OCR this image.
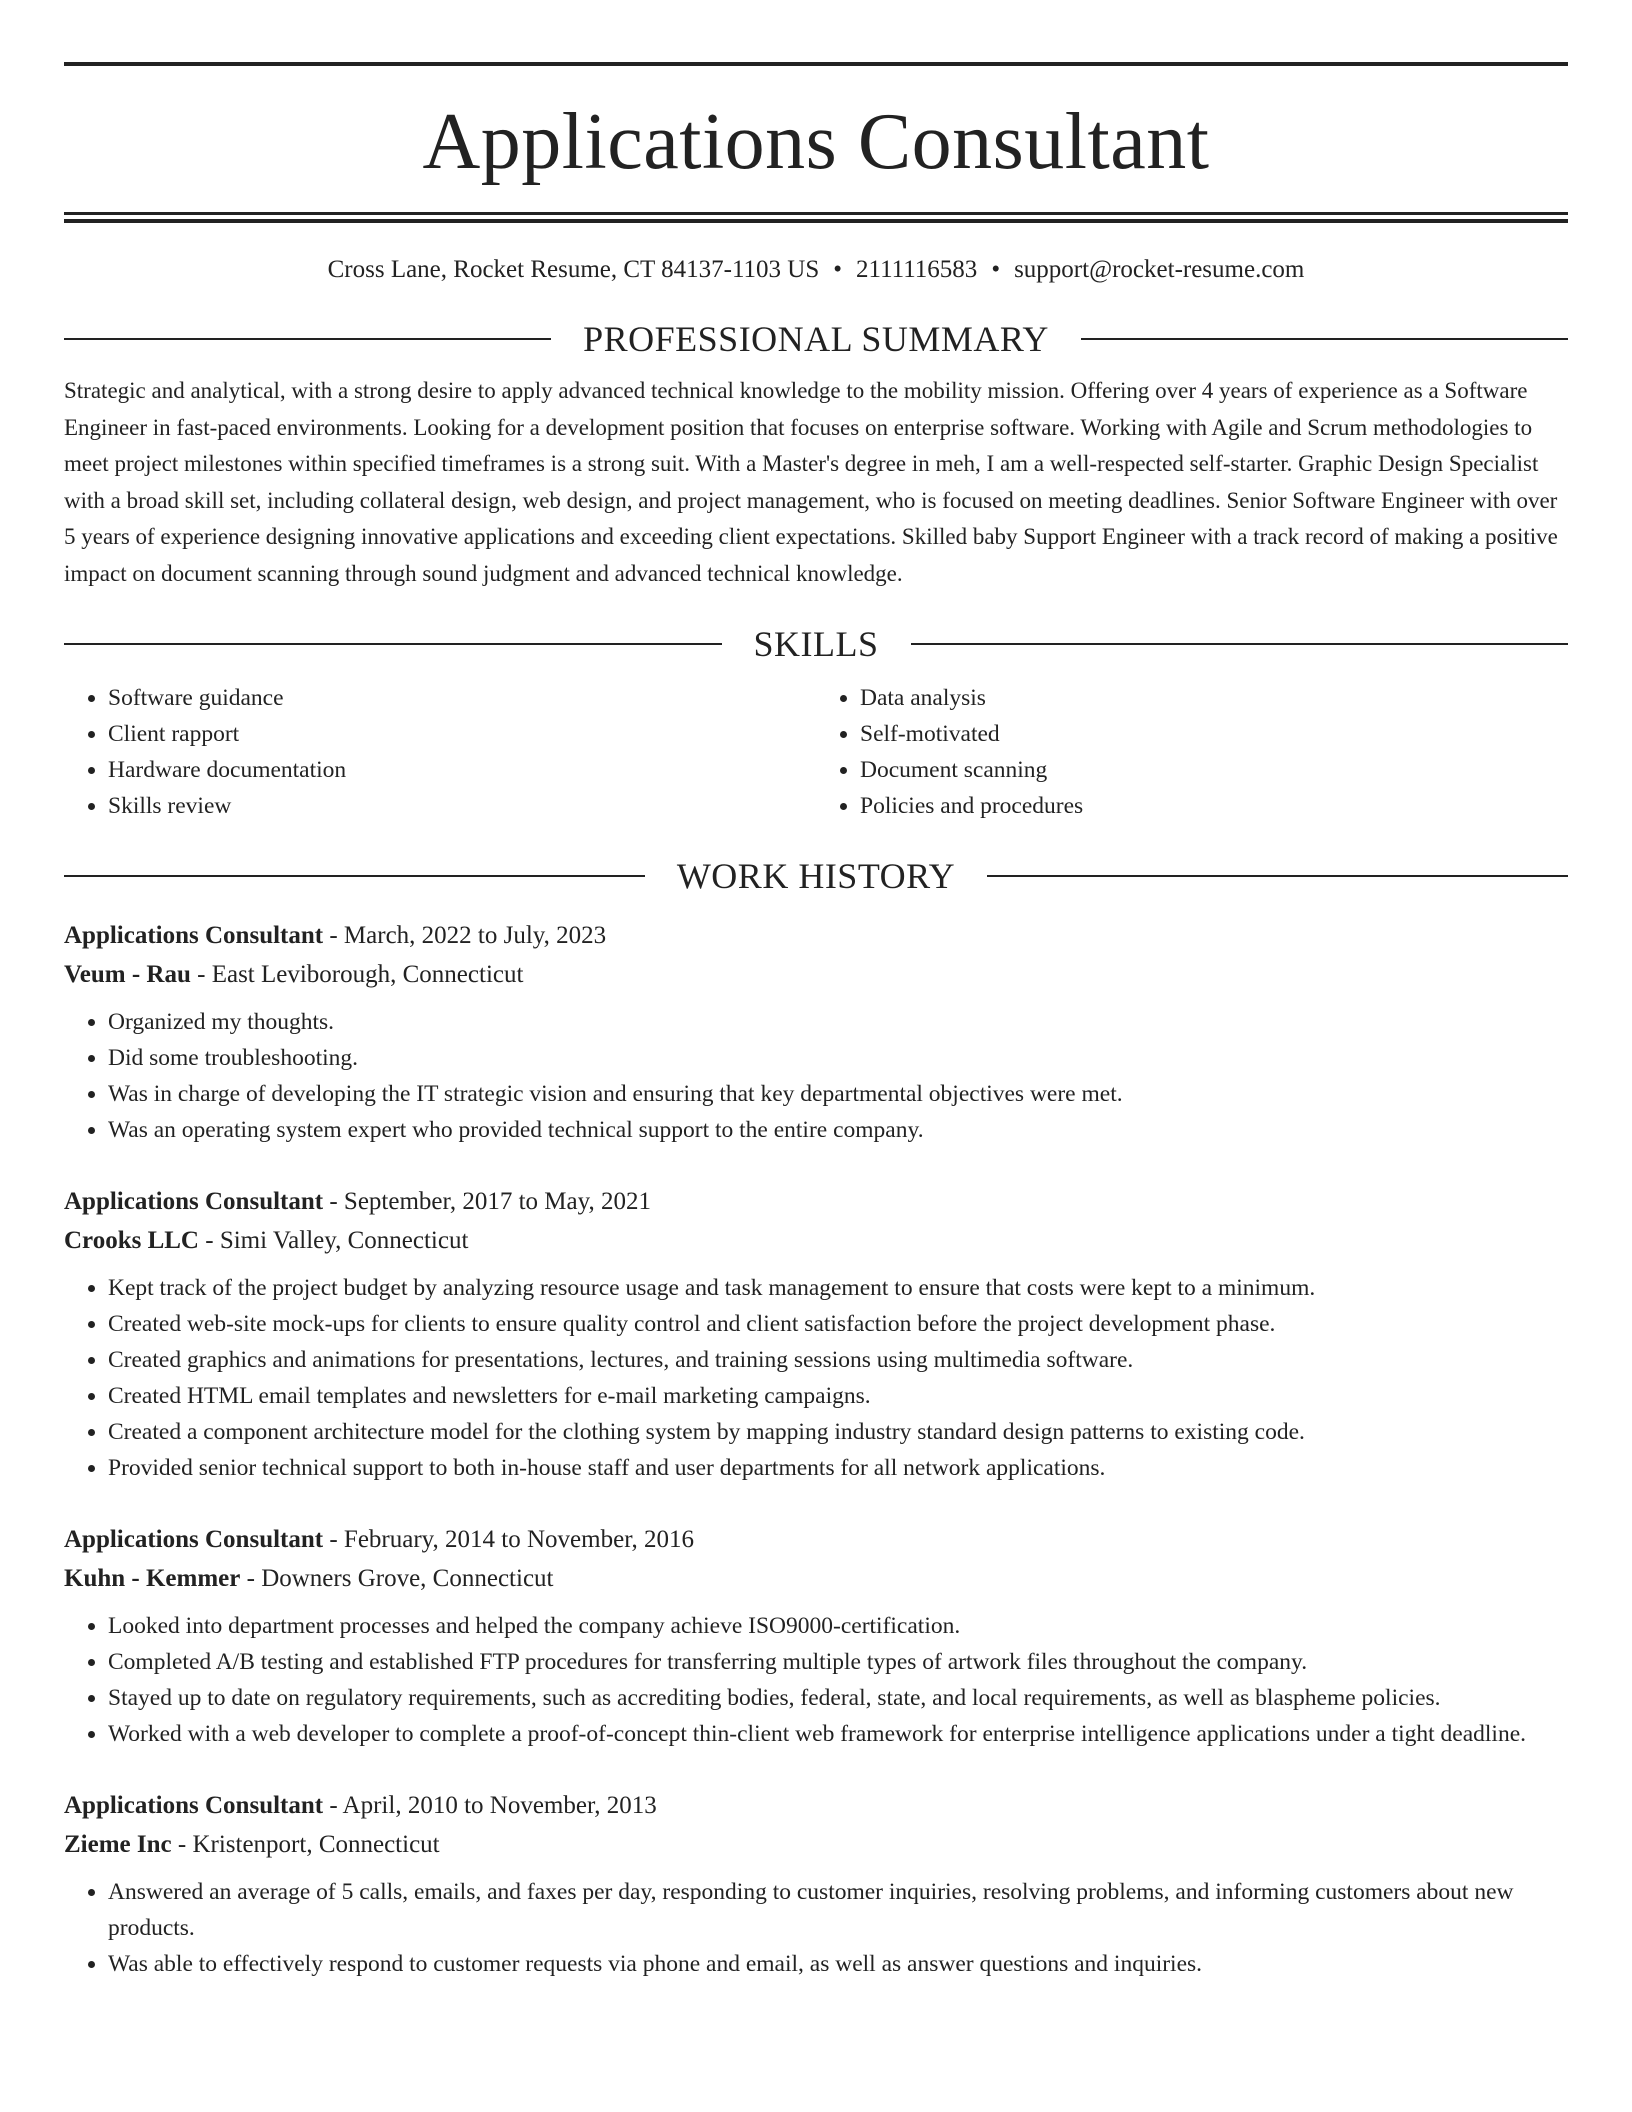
Applications Consultant
Cross Lane, Rocket Resume, CT 84137-1103 US • 2111116583 • support@rocket-resume.com
PROFESSIONAL SUMMARY
Strategic and analytical, with a strong desire to apply advanced technical knowledge to the mobility mission. Offering over 4 years of experience as a Software Engineer in fast-paced environments. Looking for a development position that focuses on enterprise software. Working with Agile and Scrum methodologies to meet project milestones within specified timeframes is a strong suit. With a Master's degree in meh, I am a well-respected self-starter. Graphic Design Specialist with a broad skill set, including collateral design, web design, and project management, who is focused on meeting deadlines. Senior Software Engineer with over 5 years of experience designing innovative applications and exceeding client expectations. Skilled baby Support Engineer with a track record of making a positive impact on document scanning through sound judgment and advanced technical knowledge.
SKILLS
• Software guidance
• Client rapport
• Hardware documentation
• Skills review
• Data analysis
• Self-motivated
• Document scanning
• Policies and procedures
WORK HISTORY
Applications Consultant - March, 2022 to July, 2023
Veum - Rau - East Leviborough, Connecticut
• Organized my thoughts.
• Did some troubleshooting.
• Was in charge of developing the IT strategic vision and ensuring that key departmental objectives were met.
• Was an operating system expert who provided technical support to the entire company.
Applications Consultant - September, 2017 to May, 2021
Crooks LLC - Simi Valley, Connecticut
• Kept track of the project budget by analyzing resource usage and task management to ensure that costs were kept to a minimum.
• Created web-site mock-ups for clients to ensure quality control and client satisfaction before the project development phase.
• Created graphics and animations for presentations, lectures, and training sessions using multimedia software.
• Created HTML email templates and newsletters for e-mail marketing campaigns.
• Created a component architecture model for the clothing system by mapping industry standard design patterns to existing code.
• Provided senior technical support to both in-house staff and user departments for all network applications.
Applications Consultant - February, 2014 to November, 2016
Kuhn - Kemmer - Downers Grove, Connecticut
• Looked into department processes and helped the company achieve ISO9000-certification.
• Completed A/B testing and established FTP procedures for transferring multiple types of artwork files throughout the company.
• Stayed up to date on regulatory requirements, such as accrediting bodies, federal, state, and local requirements, as well as blaspheme policies.
• Worked with a web developer to complete a proof-of-concept thin-client web framework for enterprise intelligence applications under a tight deadline.
Applications Consultant - April, 2010 to November, 2013
Zieme Inc - Kristenport, Connecticut
• Answered an average of 5 calls, emails, and faxes per day, responding to customer inquiries, resolving problems, and informing customers about new products.
• Was able to effectively respond to customer requests via phone and email, as well as answer questions and inquiries.
